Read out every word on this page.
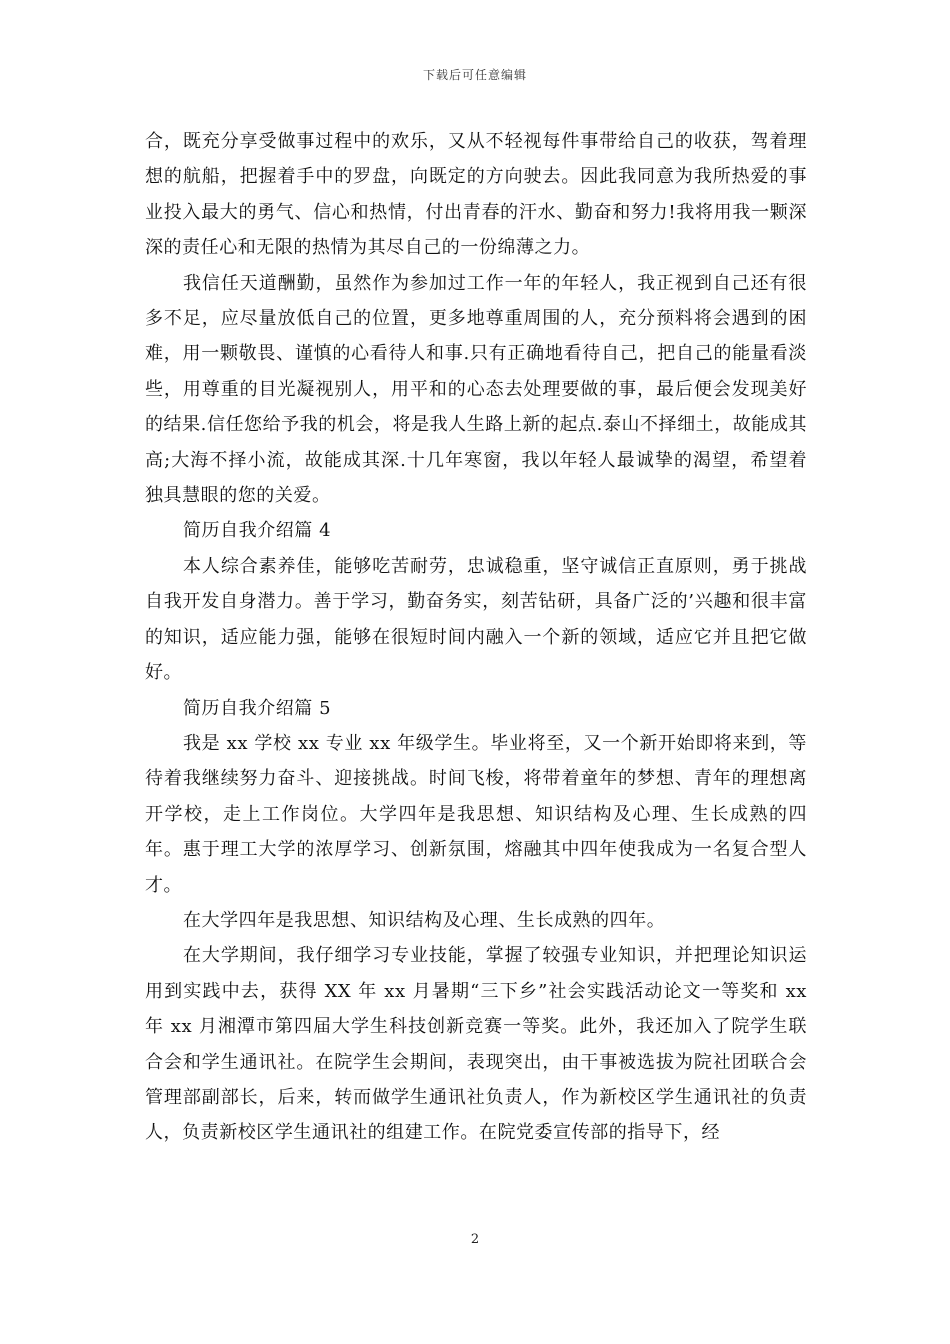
下载后可任意编辑

合，既充分享受做事过程中的欢乐，又从不轻视每件事带给自己的收获，驾着理想的航船，把握着手中的罗盘，向既定的方向驶去。因此我同意为我所热爱的事业投入最大的勇气、信心和热情，付出青春的汗水、勤奋和努力!我将用我一颗深深的责任心和无限的热情为其尽自己的一份绵薄之力。

我信任天道酬勤，虽然作为参加过工作一年的年轻人，我正视到自己还有很多不足，应尽量放低自己的位置，更多地尊重周围的人，充分预料将会遇到的困难，用一颗敬畏、谨慎的心看待人和事.只有正确地看待自己，把自己的能量看淡些，用尊重的目光凝视别人，用平和的心态去处理要做的事，最后便会发现美好的结果.信任您给予我的机会，将是我人生路上新的起点.泰山不择细土，故能成其高;大海不择小流，故能成其深.十几年寒窗，我以年轻人最诚挚的渴望，希望着独具慧眼的您的关爱。

简历自我介绍篇 4

本人综合素养佳，能够吃苦耐劳，忠诚稳重，坚守诚信正直原则，勇于挑战自我开发自身潜力。善于学习，勤奋务实，刻苦钻研，具备广泛的’兴趣和很丰富的知识，适应能力强，能够在很短时间内融入一个新的领域，适应它并且把它做好。

简历自我介绍篇 5

我是 xx 学校 xx 专业 xx 年级学生。毕业将至，又一个新开始即将来到，等待着我继续努力奋斗、迎接挑战。时间飞梭，将带着童年的梦想、青年的理想离开学校，走上工作岗位。大学四年是我思想、知识结构及心理、生长成熟的四年。惠于理工大学的浓厚学习、创新氛围，熔融其中四年使我成为一名复合型人才。

在大学四年是我思想、知识结构及心理、生长成熟的四年。

在大学期间，我仔细学习专业技能，掌握了较强专业知识，并把理论知识运用到实践中去，获得 XX 年 xx 月暑期“三下乡”社会实践活动论文一等奖和 xx 年 xx 月湘潭市第四届大学生科技创新竞赛一等奖。此外，我还加入了院学生联合会和学生通讯社。在院学生会期间，表现突出，由干事被选拔为院社团联合会管理部副部长，后来，转而做学生通讯社负责人，作为新校区学生通讯社的负责人，负责新校区学生通讯社的组建工作。在院党委宣传部的指导下，经

2
